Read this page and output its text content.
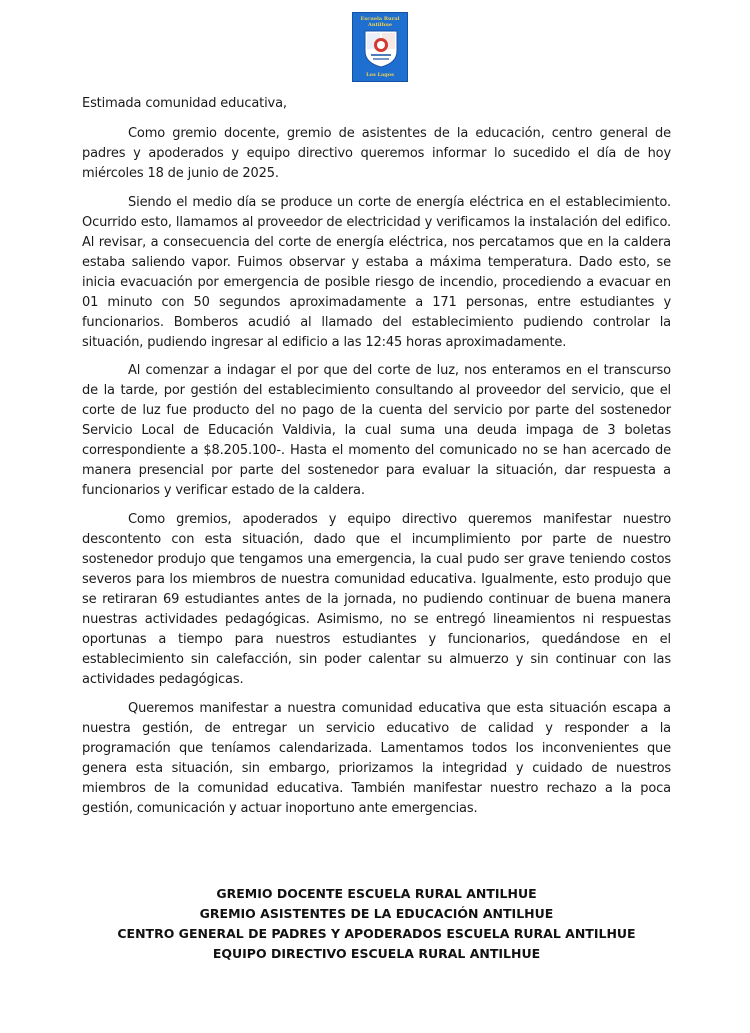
Escuela Rural
Antilhue
Los Lagos

Estimada comunidad educativa,

Como gremio docente, gremio de asistentes de la educación, centro general de padres y apoderados y equipo directivo queremos informar lo sucedido el día de hoy miércoles 18 de junio de 2025.

Siendo el medio día se produce un corte de energía eléctrica en el establecimiento. Ocurrido esto, llamamos al proveedor de electricidad y verificamos la instalación del edifico. Al revisar, a consecuencia del corte de energía eléctrica, nos percatamos que en la caldera estaba saliendo vapor. Fuimos observar y estaba a máxima temperatura. Dado esto, se inicia evacuación por emergencia de posible riesgo de incendio, procediendo a evacuar en 01 minuto con 50 segundos aproximadamente a 171 personas, entre estudiantes y funcionarios. Bomberos acudió al llamado del establecimiento pudiendo controlar la situación, pudiendo ingresar al edificio a las 12:45 horas aproximadamente.

Al comenzar a indagar el por que del corte de luz, nos enteramos en el transcurso de la tarde, por gestión del establecimiento consultando al proveedor del servicio, que el corte de luz fue producto del no pago de la cuenta del servicio por parte del sostenedor Servicio Local de Educación Valdivia, la cual suma una deuda impaga de 3 boletas correspondiente a $8.205.100-. Hasta el momento del comunicado no se han acercado de manera presencial por parte del sostenedor para evaluar la situación, dar respuesta a funcionarios y verificar estado de la caldera.

Como gremios, apoderados y equipo directivo queremos manifestar nuestro descontento con esta situación, dado que el incumplimiento por parte de nuestro sostenedor produjo que tengamos una emergencia, la cual pudo ser grave teniendo costos severos para los miembros de nuestra comunidad educativa. Igualmente, esto produjo que se retiraran 69 estudiantes antes de la jornada, no pudiendo continuar de buena manera nuestras actividades pedagógicas. Asimismo, no se entregó lineamientos ni respuestas oportunas a tiempo para nuestros estudiantes y funcionarios, quedándose en el establecimiento sin calefacción, sin poder calentar su almuerzo y sin continuar con las actividades pedagógicas.

Queremos manifestar a nuestra comunidad educativa que esta situación escapa a nuestra gestión, de entregar un servicio educativo de calidad y responder a la programación que teníamos calendarizada. Lamentamos todos los inconvenientes que genera esta situación, sin embargo, priorizamos la integridad y cuidado de nuestros miembros de la comunidad educativa. También manifestar nuestro rechazo a la poca gestión, comunicación y actuar inoportuno ante emergencias.

GREMIO DOCENTE ESCUELA RURAL ANTILHUE
GREMIO ASISTENTES DE LA EDUCACIÓN ANTILHUE
CENTRO GENERAL DE PADRES Y APODERADOS ESCUELA RURAL ANTILHUE
EQUIPO DIRECTIVO ESCUELA RURAL ANTILHUE
